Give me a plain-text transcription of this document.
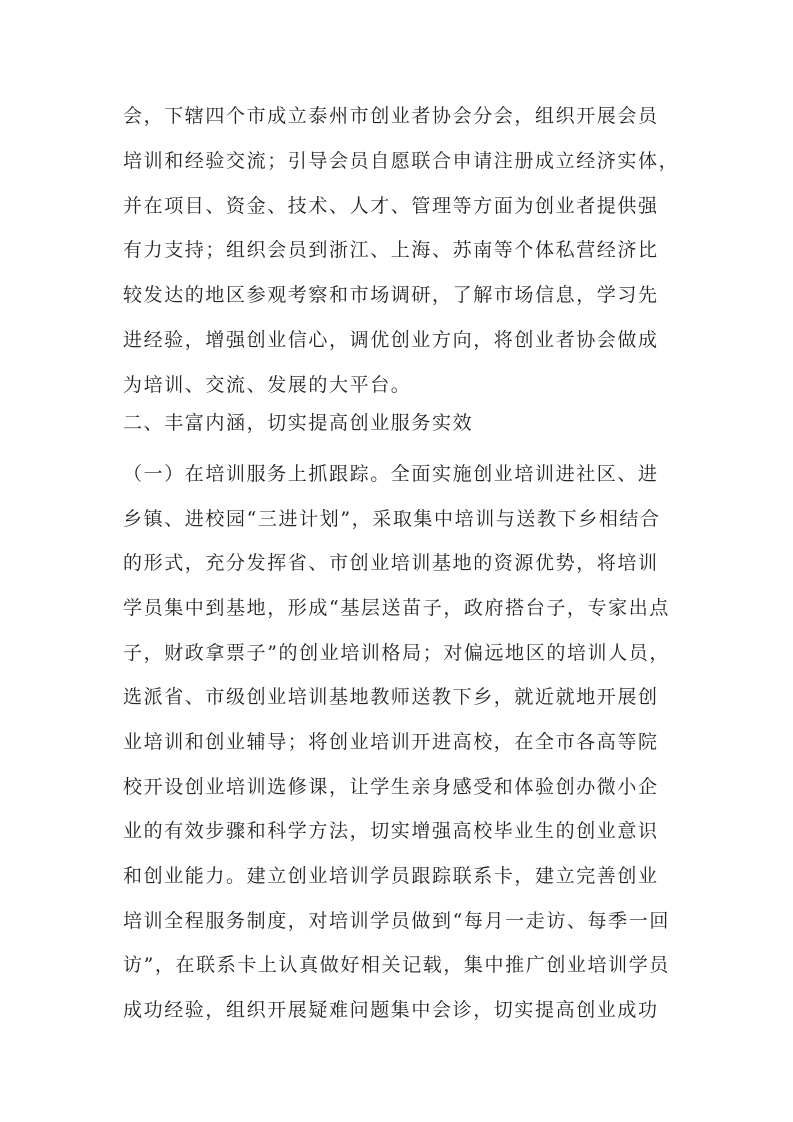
会，下辖四个市成立泰州市创业者协会分会，组织开展会员
培训和经验交流；引导会员自愿联合申请注册成立经济实体，
并在项目、资金、技术、人才、管理等方面为创业者提供强
有力支持；组织会员到浙江、上海、苏南等个体私营经济比
较发达的地区参观考察和市场调研，了解市场信息，学习先
进经验，增强创业信心，调优创业方向，将创业者协会做成
为培训、交流、发展的大平台。
二、丰富内涵，切实提高创业服务实效
（一）在培训服务上抓跟踪。全面实施创业培训进社区、进
乡镇、进校园“三进计划”，采取集中培训与送教下乡相结合
的形式，充分发挥省、市创业培训基地的资源优势，将培训
学员集中到基地，形成“基层送苗子，政府搭台子，专家出点
子，财政拿票子”的创业培训格局；对偏远地区的培训人员，
选派省、市级创业培训基地教师送教下乡，就近就地开展创
业培训和创业辅导；将创业培训开进高校，在全市各高等院
校开设创业培训选修课，让学生亲身感受和体验创办微小企
业的有效步骤和科学方法，切实增强高校毕业生的创业意识
和创业能力。建立创业培训学员跟踪联系卡，建立完善创业
培训全程服务制度，对培训学员做到“每月一走访、每季一回
访”，在联系卡上认真做好相关记载，集中推广创业培训学员
成功经验，组织开展疑难问题集中会诊，切实提高创业成功
